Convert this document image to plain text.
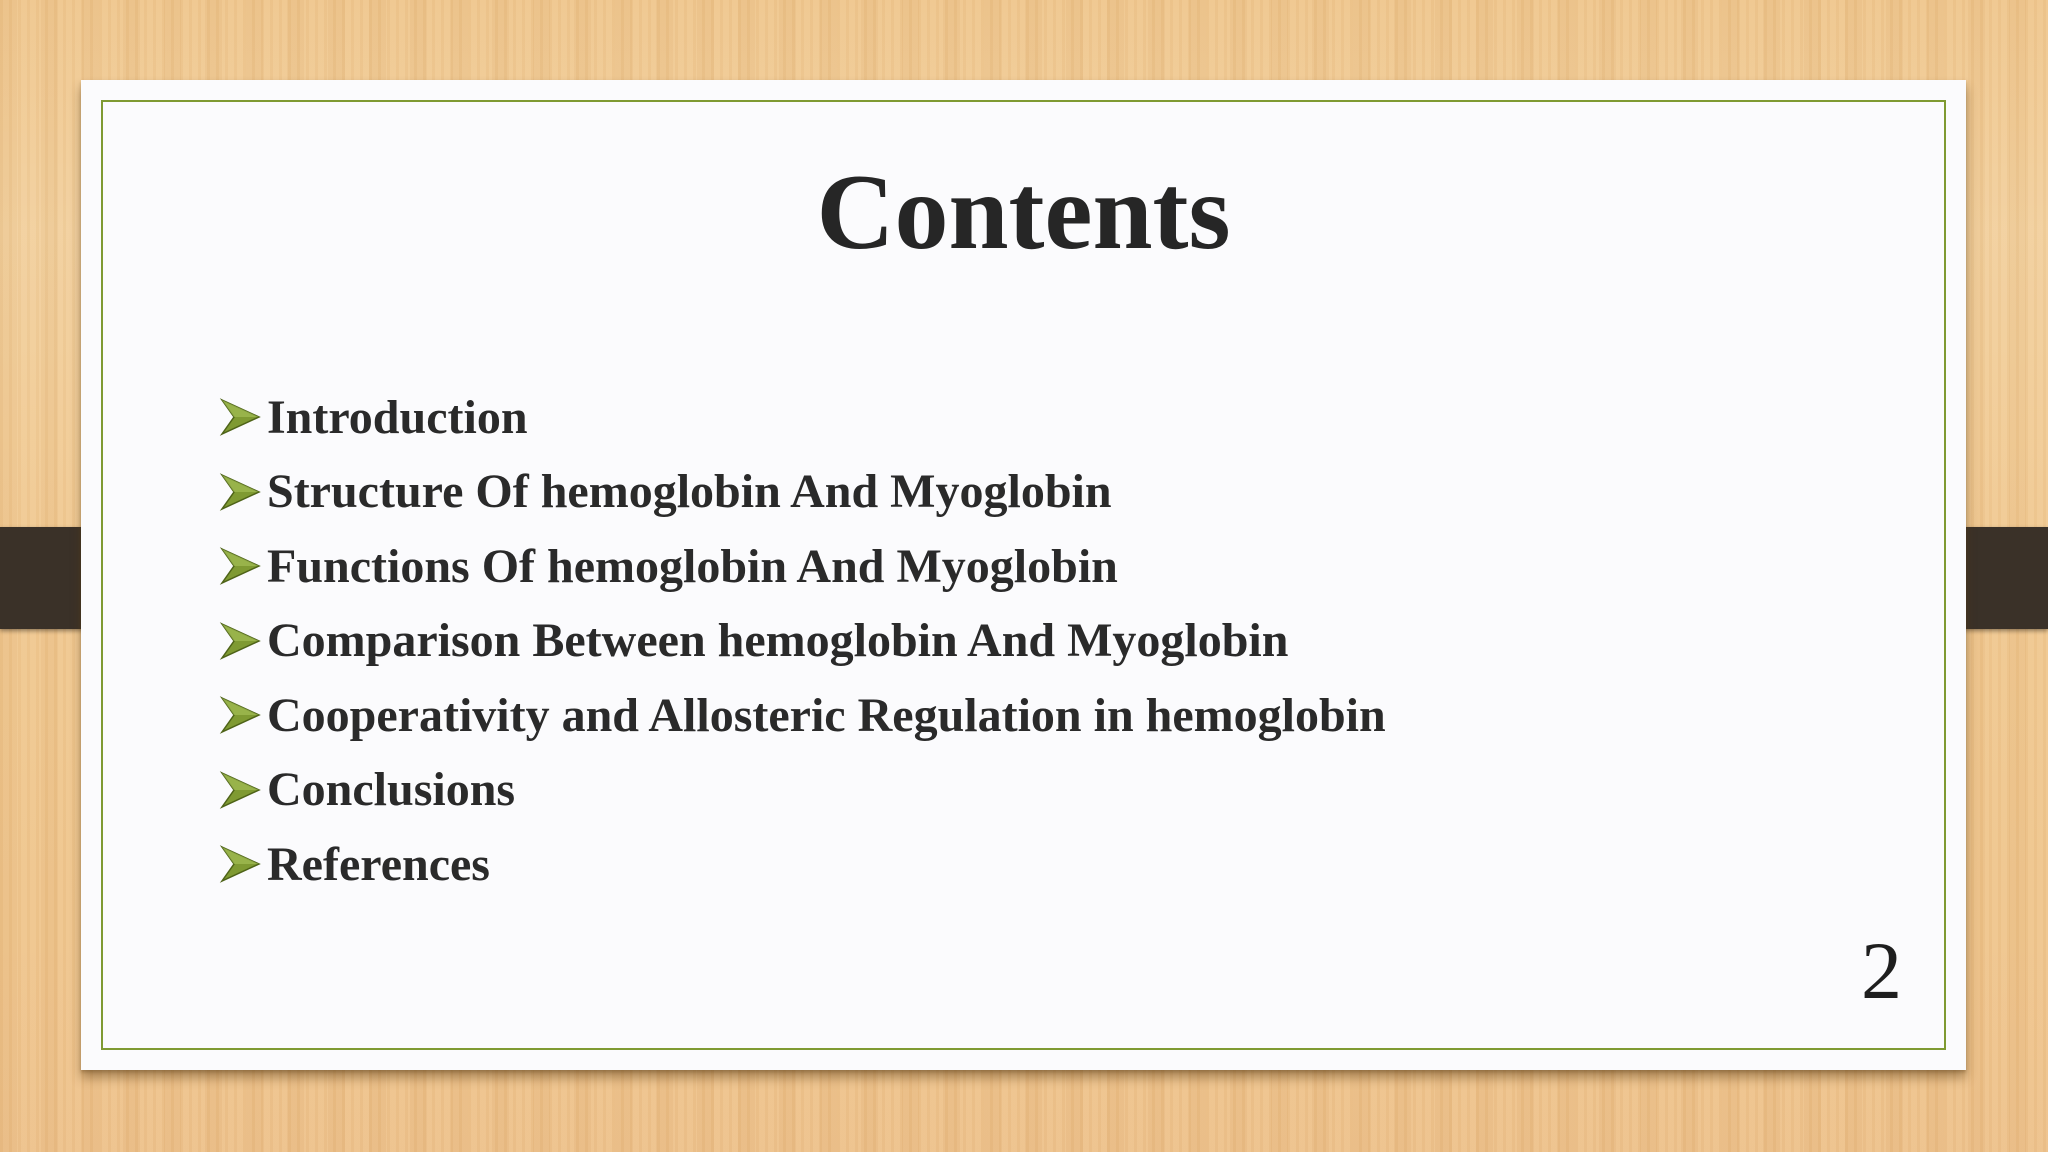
Contents
Introduction
Structure Of hemoglobin And Myoglobin
Functions Of hemoglobin And Myoglobin
Comparison Between hemoglobin And Myoglobin
Cooperativity and Allosteric Regulation in hemoglobin
Conclusions
References
2
